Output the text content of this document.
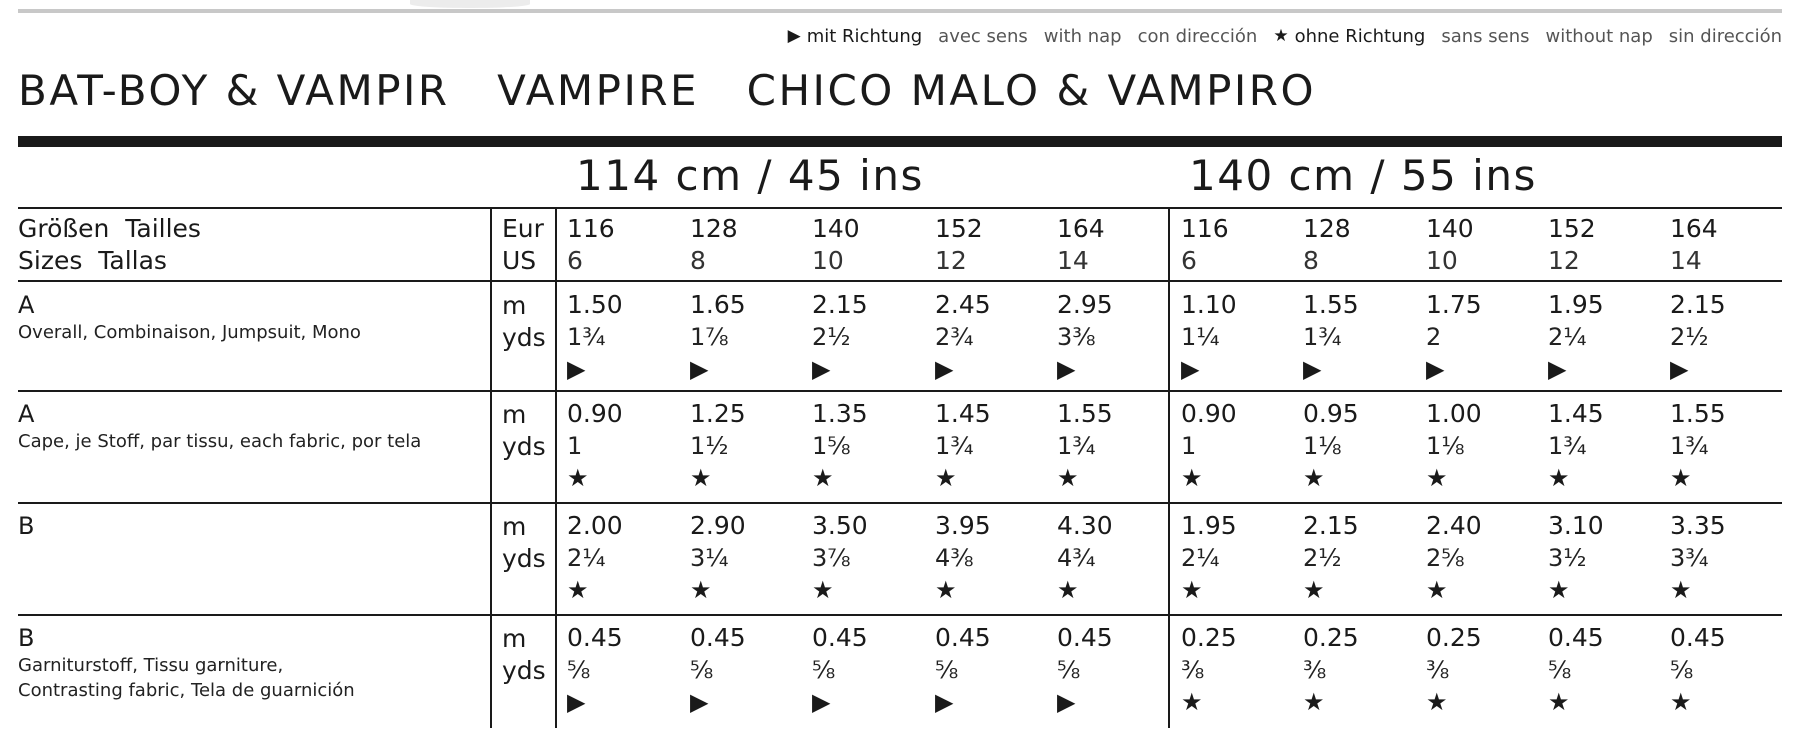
▶ mit Richtung avec sens with nap con dirección ★ ohne Richtung sans sens without nap sin dirección
BAT-BOY & VAMPIR   VAMPIRE   CHICO MALO & VAMPIRO
114 cm / 45 ins	140 cm / 55 ins
Größen  Tailles
Sizes  Tallas
Eur
US
116
6
128
8
140
10
152
12
164
14
116
6
128
8
140
10
152
12
164
14
A
Overall, Combinaison, Jumpsuit, Mono
m
yds
1.50
1¾
▶
1.65
1⅞
▶
2.15
2½
▶
2.45
2¾
▶
2.95
3⅜
▶
1.10
1¼
▶
1.55
1¾
▶
1.75
2
▶
1.95
2¼
▶
2.15
2½
▶
A
Cape, je Stoff, par tissu, each fabric, por tela
m
yds
0.90
1
★
1.25
1½
★
1.35
1⅝
★
1.45
1¾
★
1.55
1¾
★
0.90
1
★
0.95
1⅛
★
1.00
1⅛
★
1.45
1¾
★
1.55
1¾
★
B	m
yds
2.00
2¼
★
2.90
3¼
★
3.50
3⅞
★
3.95
4⅜
★
4.30
4¾
★
1.95
2¼
★
2.15
2½
★
2.40
2⅝
★
3.10
3½
★
3.35
3¾
★
B
Garniturstoff, Tissu garniture,
Contrasting fabric, Tela de guarnición
m
yds
0.45
⅝
▶
0.45
⅝
▶
0.45
⅝
▶
0.45
⅝
▶
0.45
⅝
▶
0.25
⅜
★
0.25
⅜
★
0.25
⅜
★
0.45
⅝
★
0.45
⅝
★
